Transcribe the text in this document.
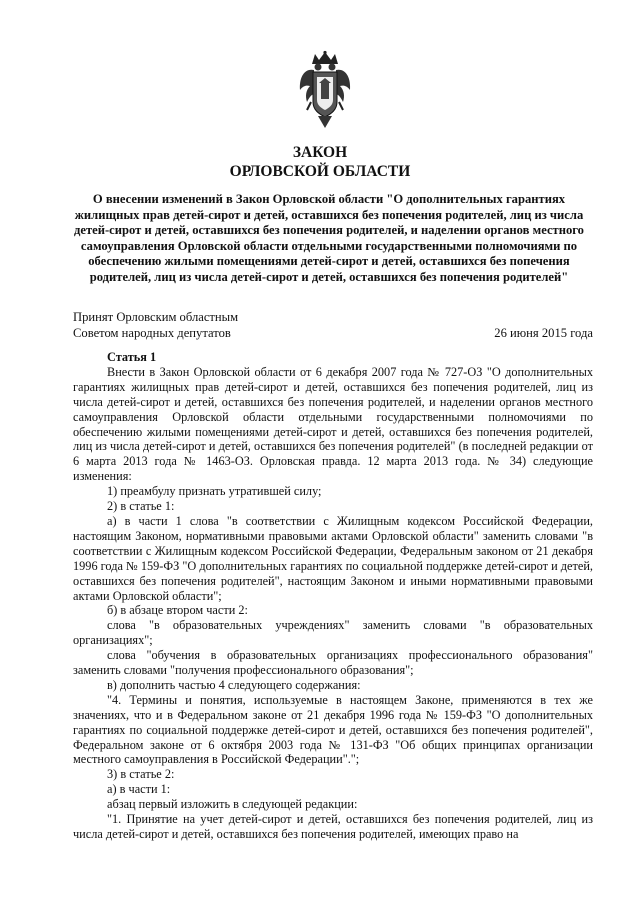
ЗАКОН
ОРЛОВСКОЙ ОБЛАСТИ
О внесении изменений в Закон Орловской области "О дополнительных гарантиях жилищных прав детей-сирот и детей, оставшихся без попечения родителей, лиц из числа детей-сирот и детей, оставшихся без попечения родителей, и наделении органов местного самоуправления Орловской области отдельными государственными полномочиями по обеспечению жилыми помещениями детей-сирот и детей, оставшихся без попечения родителей, лиц из числа детей-сирот и детей, оставшихся без попечения родителей"
Принят Орловским областным
Советом народных депутатов	26 июня 2015 года

Статья 1

Внести в Закон Орловской области от 6 декабря 2007 года № 727-ОЗ "О дополнительных гарантиях жилищных прав детей-сирот и детей, оставшихся без попечения родителей, лиц из числа детей-сирот и детей, оставшихся без попечения родителей, и наделении органов местного самоуправления Орловской области отдельными государственными полномочиями по обеспечению жилыми помещениями детей-сирот и детей, оставшихся без попечения родителей, лиц из числа детей-сирот и детей, оставшихся без попечения родителей" (в последней редакции от 6 марта 2013 года № 1463-ОЗ. Орловская правда. 12 марта 2013 года. № 34) следующие изменения:

1) преамбулу признать утратившей силу;

2) в статье 1:

а) в части 1 слова "в соответствии с Жилищным кодексом Российской Федерации, настоящим Законом, нормативными правовыми актами Орловской области" заменить словами "в соответствии с Жилищным кодексом Российской Федерации, Федеральным законом от 21 декабря 1996 года № 159-ФЗ "О дополнительных гарантиях по социальной поддержке детей-сирот и детей, оставшихся без попечения родителей", настоящим Законом и иными нормативными правовыми актами Орловской области";

б) в абзаце втором части 2:

слова "в образовательных учреждениях" заменить словами "в образовательных организациях";

слова "обучения в образовательных организациях профессионального образования" заменить словами "получения профессионального образования";

в) дополнить частью 4 следующего содержания:

"4. Термины и понятия, используемые в настоящем Законе, применяются в тех же значениях, что и в Федеральном законе от 21 декабря 1996 года № 159-ФЗ "О дополнительных гарантиях по социальной поддержке детей-сирот и детей, оставшихся без попечения родителей", Федеральном законе от 6 октября 2003 года № 131-ФЗ "Об общих принципах организации местного самоуправления в Российской Федерации".";

3) в статье 2:

а) в части 1:

абзац первый изложить в следующей редакции:

"1. Принятие на учет детей-сирот и детей, оставшихся без попечения родителей, лиц из числа детей-сирот и детей, оставшихся без попечения родителей, имеющих право на
